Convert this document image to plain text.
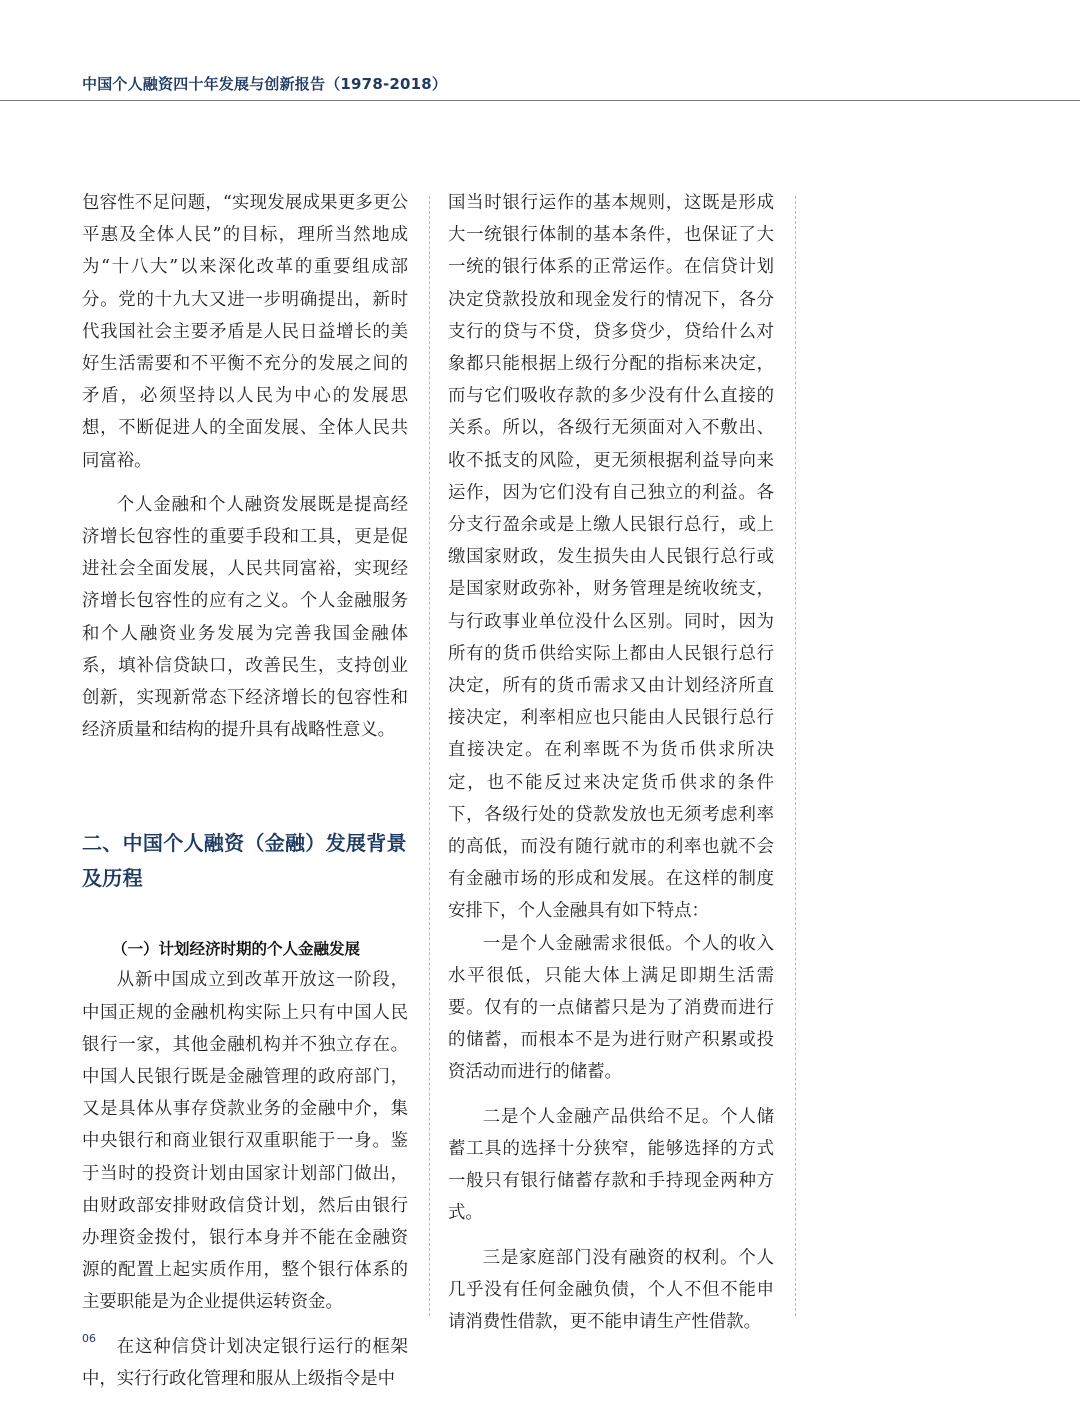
中国个人融资四十年发展与创新报告（1978-2018）

包容性不足问题，“实现发展成果更多更公平惠及全体人民”的目标，理所当然地成为“十八大”以来深化改革的重要组成部分。党的十九大又进一步明确提出，新时代我国社会主要矛盾是人民日益增长的美好生活需要和不平衡不充分的发展之间的矛盾，必须坚持以人民为中心的发展思想，不断促进人的全面发展、全体人民共同富裕。

个人金融和个人融资发展既是提高经济增长包容性的重要手段和工具，更是促进社会全面发展，人民共同富裕，实现经济增长包容性的应有之义。个人金融服务和个人融资业务发展为完善我国金融体系，填补信贷缺口，改善民生，支持创业创新，实现新常态下经济增长的包容性和经济质量和结构的提升具有战略性意义。

二、中国个人融资（金融）发展背景及历程
（一）计划经济时期的个人金融发展

从新中国成立到改革开放这一阶段，中国正规的金融机构实际上只有中国人民银行一家，其他金融机构并不独立存在。中国人民银行既是金融管理的政府部门，又是具体从事存贷款业务的金融中介，集中央银行和商业银行双重职能于一身。鉴于当时的投资计划由国家计划部门做出，由财政部安排财政信贷计划，然后由银行办理资金拨付，银行本身并不能在金融资源的配置上起实质作用，整个银行体系的主要职能是为企业提供运转资金。

在这种信贷计划决定银行运行的框架中，实行行政化管理和服从上级指令是中

国当时银行运作的基本规则，这既是形成大一统银行体制的基本条件，也保证了大一统的银行体系的正常运作。在信贷计划决定贷款投放和现金发行的情况下，各分支行的贷与不贷，贷多贷少，贷给什么对象都只能根据上级行分配的指标来决定，而与它们吸收存款的多少没有什么直接的关系。所以，各级行无须面对入不敷出、收不抵支的风险，更无须根据利益导向来运作，因为它们没有自己独立的利益。各分支行盈余或是上缴人民银行总行，或上缴国家财政，发生损失由人民银行总行或是国家财政弥补，财务管理是统收统支，与行政事业单位没什么区别。同时，因为所有的货币供给实际上都由人民银行总行决定，所有的货币需求又由计划经济所直接决定，利率相应也只能由人民银行总行直接决定。在利率既不为货币供求所决定，也不能反过来决定货币供求的条件下，各级行处的贷款发放也无须考虑利率的高低，而没有随行就市的利率也就不会有金融市场的形成和发展。在这样的制度安排下，个人金融具有如下特点：

一是个人金融需求很低。个人的收入水平很低，只能大体上满足即期生活需要。仅有的一点储蓄只是为了消费而进行的储蓄，而根本不是为进行财产积累或投资活动而进行的储蓄。

二是个人金融产品供给不足。个人储蓄工具的选择十分狭窄，能够选择的方式一般只有银行储蓄存款和手持现金两种方式。

三是家庭部门没有融资的权利。个人几乎没有任何金融负债，个人不但不能申请消费性借款，更不能申请生产性借款。

06
